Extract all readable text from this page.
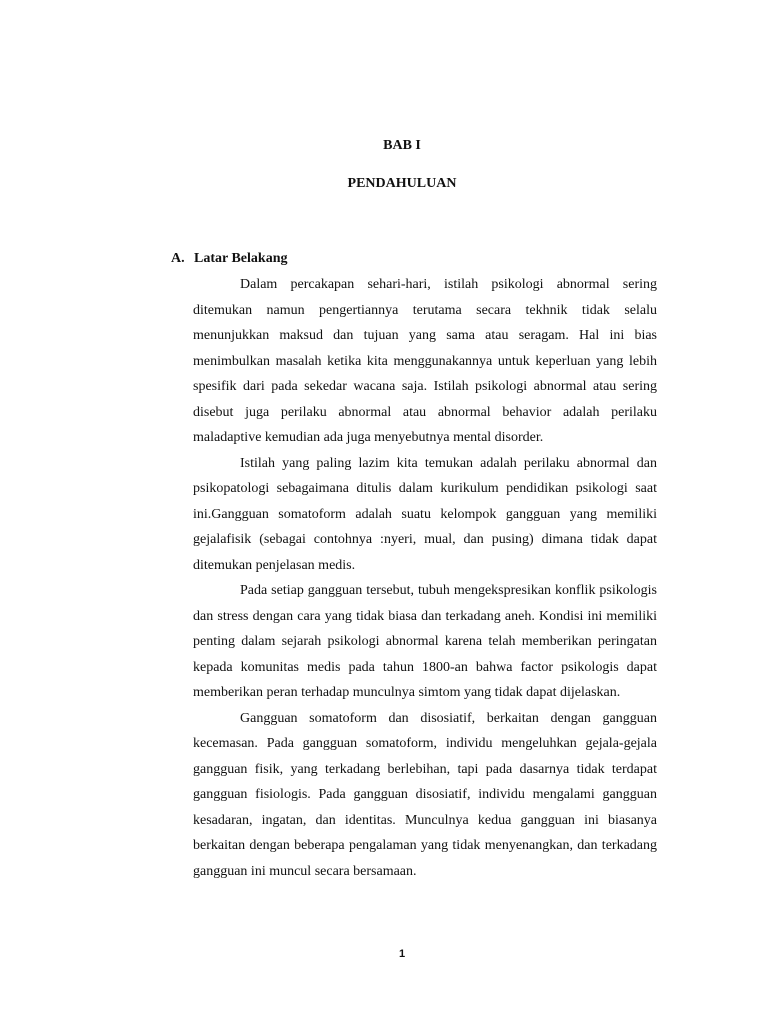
BAB I
PENDAHULUAN
A. Latar Belakang

Dalam percakapan sehari-hari, istilah psikologi abnormal sering ditemukan namun pengertiannya terutama secara tekhnik tidak selalu menunjukkan maksud dan tujuan yang sama atau seragam. Hal ini bias menimbulkan masalah ketika kita menggunakannya untuk keperluan yang lebih spesifik dari pada sekedar wacana saja. Istilah psikologi abnormal atau sering disebut juga perilaku abnormal atau abnormal behavior adalah perilaku maladaptive kemudian ada juga menyebutnya mental disorder.

Istilah yang paling lazim kita temukan adalah perilaku abnormal dan psikopatologi sebagaimana ditulis dalam kurikulum pendidikan psikologi saat ini.Gangguan somatoform adalah suatu kelompok gangguan yang memiliki gejalafisik (sebagai contohnya :nyeri, mual, dan pusing) dimana tidak dapat ditemukan penjelasan medis.

Pada setiap gangguan tersebut, tubuh mengekspresikan konflik psikologis dan stress dengan cara yang tidak biasa dan terkadang aneh. Kondisi ini memiliki penting dalam sejarah psikologi abnormal karena telah memberikan peringatan kepada komunitas medis pada tahun 1800-an bahwa factor psikologis dapat memberikan peran terhadap munculnya simtom yang tidak dapat dijelaskan.

Gangguan somatoform dan disosiatif, berkaitan dengan gangguan kecemasan. Pada gangguan somatoform, individu mengeluhkan gejala-gejala gangguan fisik, yang terkadang berlebihan, tapi pada dasarnya tidak terdapat gangguan fisiologis. Pada gangguan disosiatif, individu mengalami gangguan kesadaran, ingatan, dan identitas. Munculnya kedua gangguan ini biasanya berkaitan dengan beberapa pengalaman yang tidak menyenangkan, dan terkadang gangguan ini muncul secara bersamaan.

1
